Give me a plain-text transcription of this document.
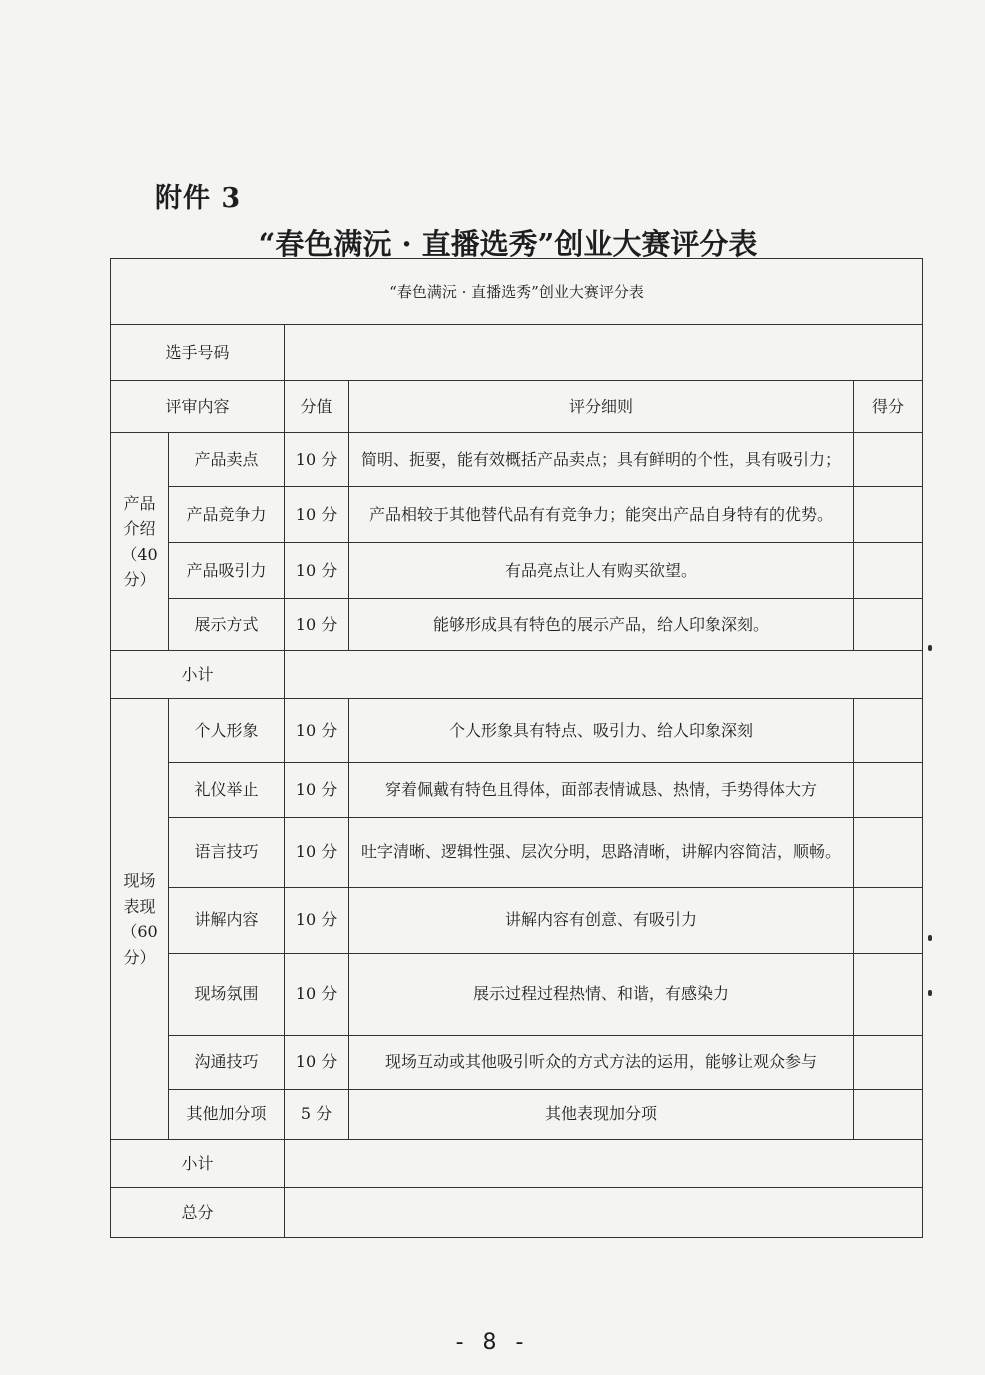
附件 3
“春色满沅 · 直播选秀”创业大赛评分表
“春色满沅 · 直播选秀”创业大赛评分表				
选手号码				
评审内容		分值	评分细则	得分

产品
介绍
（40
分）	产品卖点	10 分	简明、扼要，能有效概括产品卖点；具有鲜明的个性，具有吸引力；	
	产品竞争力	10 分	产品相较于其他替代品有有竞争力；能突出产品自身特有的优势。	
	产品吸引力	10 分	有品亮点让人有购买欲望。	
	展示方式	10 分	能够形成具有特色的展示产品，给人印象深刻。	
小计				

现场
表现
（60
分）	个人形象	10 分	个人形象具有特点、吸引力、给人印象深刻	
	礼仪举止	10 分	穿着佩戴有特色且得体，面部表情诚恳、热情，手势得体大方	
	语言技巧	10 分	吐字清晰、逻辑性强、层次分明，思路清晰，讲解内容简洁，顺畅。	
	讲解内容	10 分	讲解内容有创意、有吸引力	
	现场氛围	10 分	展示过程过程热情、和谐，有感染力	
	沟通技巧	10 分	现场互动或其他吸引听众的方式方法的运用，能够让观众参与	
	其他加分项	5 分	其他表现加分项	
小计				
总分				
- 8 -
